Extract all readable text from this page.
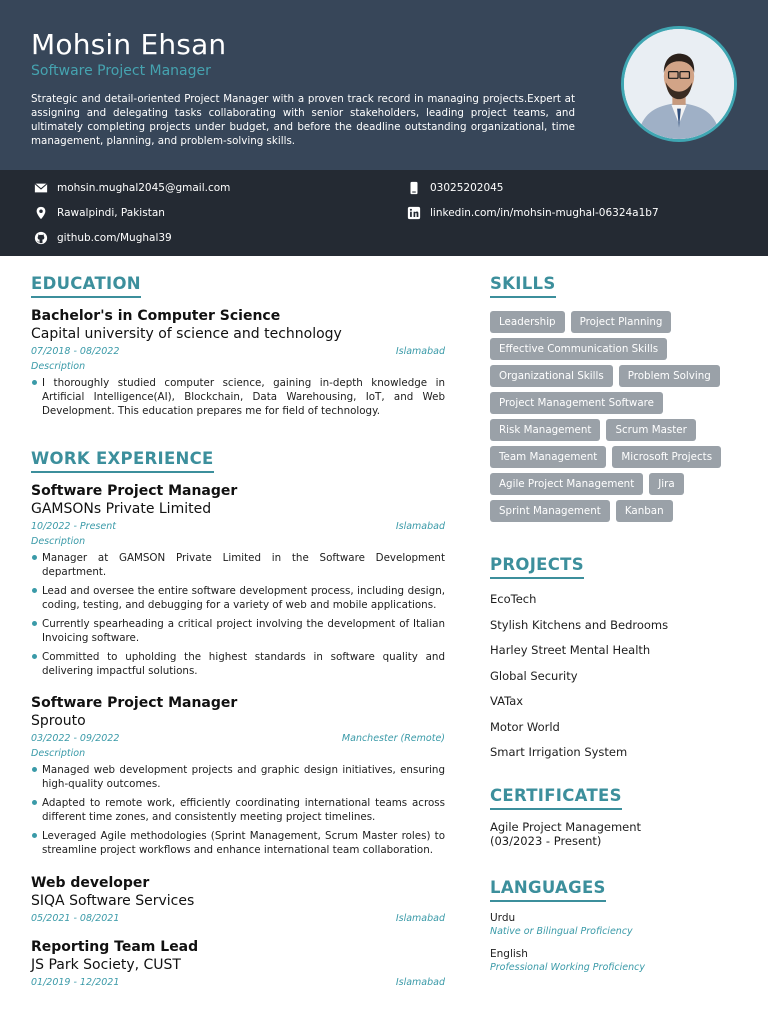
Mohsin Ehsan
Software Project Manager
Strategic and detail-oriented Project Manager with a proven track record in managing projects.Expert at assigning and delegating tasks collaborating with senior stakeholders, leading project teams, and ultimately completing projects under budget, and before the deadline outstanding organizational, time management, planning, and problem-solving skills.
mohsin.mughal2045@gmail.com	03025202045
Rawalpindi, Pakistan	linkedin.com/in/mohsin-mughal-06324a1b7
github.com/Mughal39
EDUCATION
Bachelor's in Computer Science
Capital university of science and technology
07/2018 - 08/2022	Islamabad
Description
I thoroughly studied computer science, gaining in-depth knowledge in Artificial Intelligence(AI), Blockchain, Data Warehousing, IoT, and Web Development. This education prepares me for field of technology.
WORK EXPERIENCE
Software Project Manager
GAMSONs Private Limited
10/2022 - Present	Islamabad
Description
Manager at GAMSON Private Limited in the Software Development department.
Lead and oversee the entire software development process, including design, coding, testing, and debugging for a variety of web and mobile applications.
Currently spearheading a critical project involving the development of Italian Invoicing software.
Committed to upholding the highest standards in software quality and delivering impactful solutions.
Software Project Manager
Sprouto
03/2022 - 09/2022	Manchester (Remote)
Description
Managed web development projects and graphic design initiatives, ensuring high-quality outcomes.
Adapted to remote work, efficiently coordinating international teams across different time zones, and consistently meeting project timelines.
Leveraged Agile methodologies (Sprint Management, Scrum Master roles) to streamline project workflows and enhance international team collaboration.
Web developer
SIQA Software Services
05/2021 - 08/2021	Islamabad
Reporting Team Lead
JS Park Society, CUST
01/2019 - 12/2021	Islamabad
SKILLS
Leadership	Project Planning
Effective Communication Skills
Organizational Skills	Problem Solving
Project Management Software
Risk Management	Scrum Master
Team Management	Microsoft Projects
Agile Project Management	Jira
Sprint Management	Kanban
PROJECTS
EcoTech
Stylish Kitchens and Bedrooms
Harley Street Mental Health
Global Security
VATax
Motor World
Smart Irrigation System
CERTIFICATES
Agile Project Management
(03/2023 - Present)
LANGUAGES
Urdu
Native or Bilingual Proficiency
English
Professional Working Proficiency
